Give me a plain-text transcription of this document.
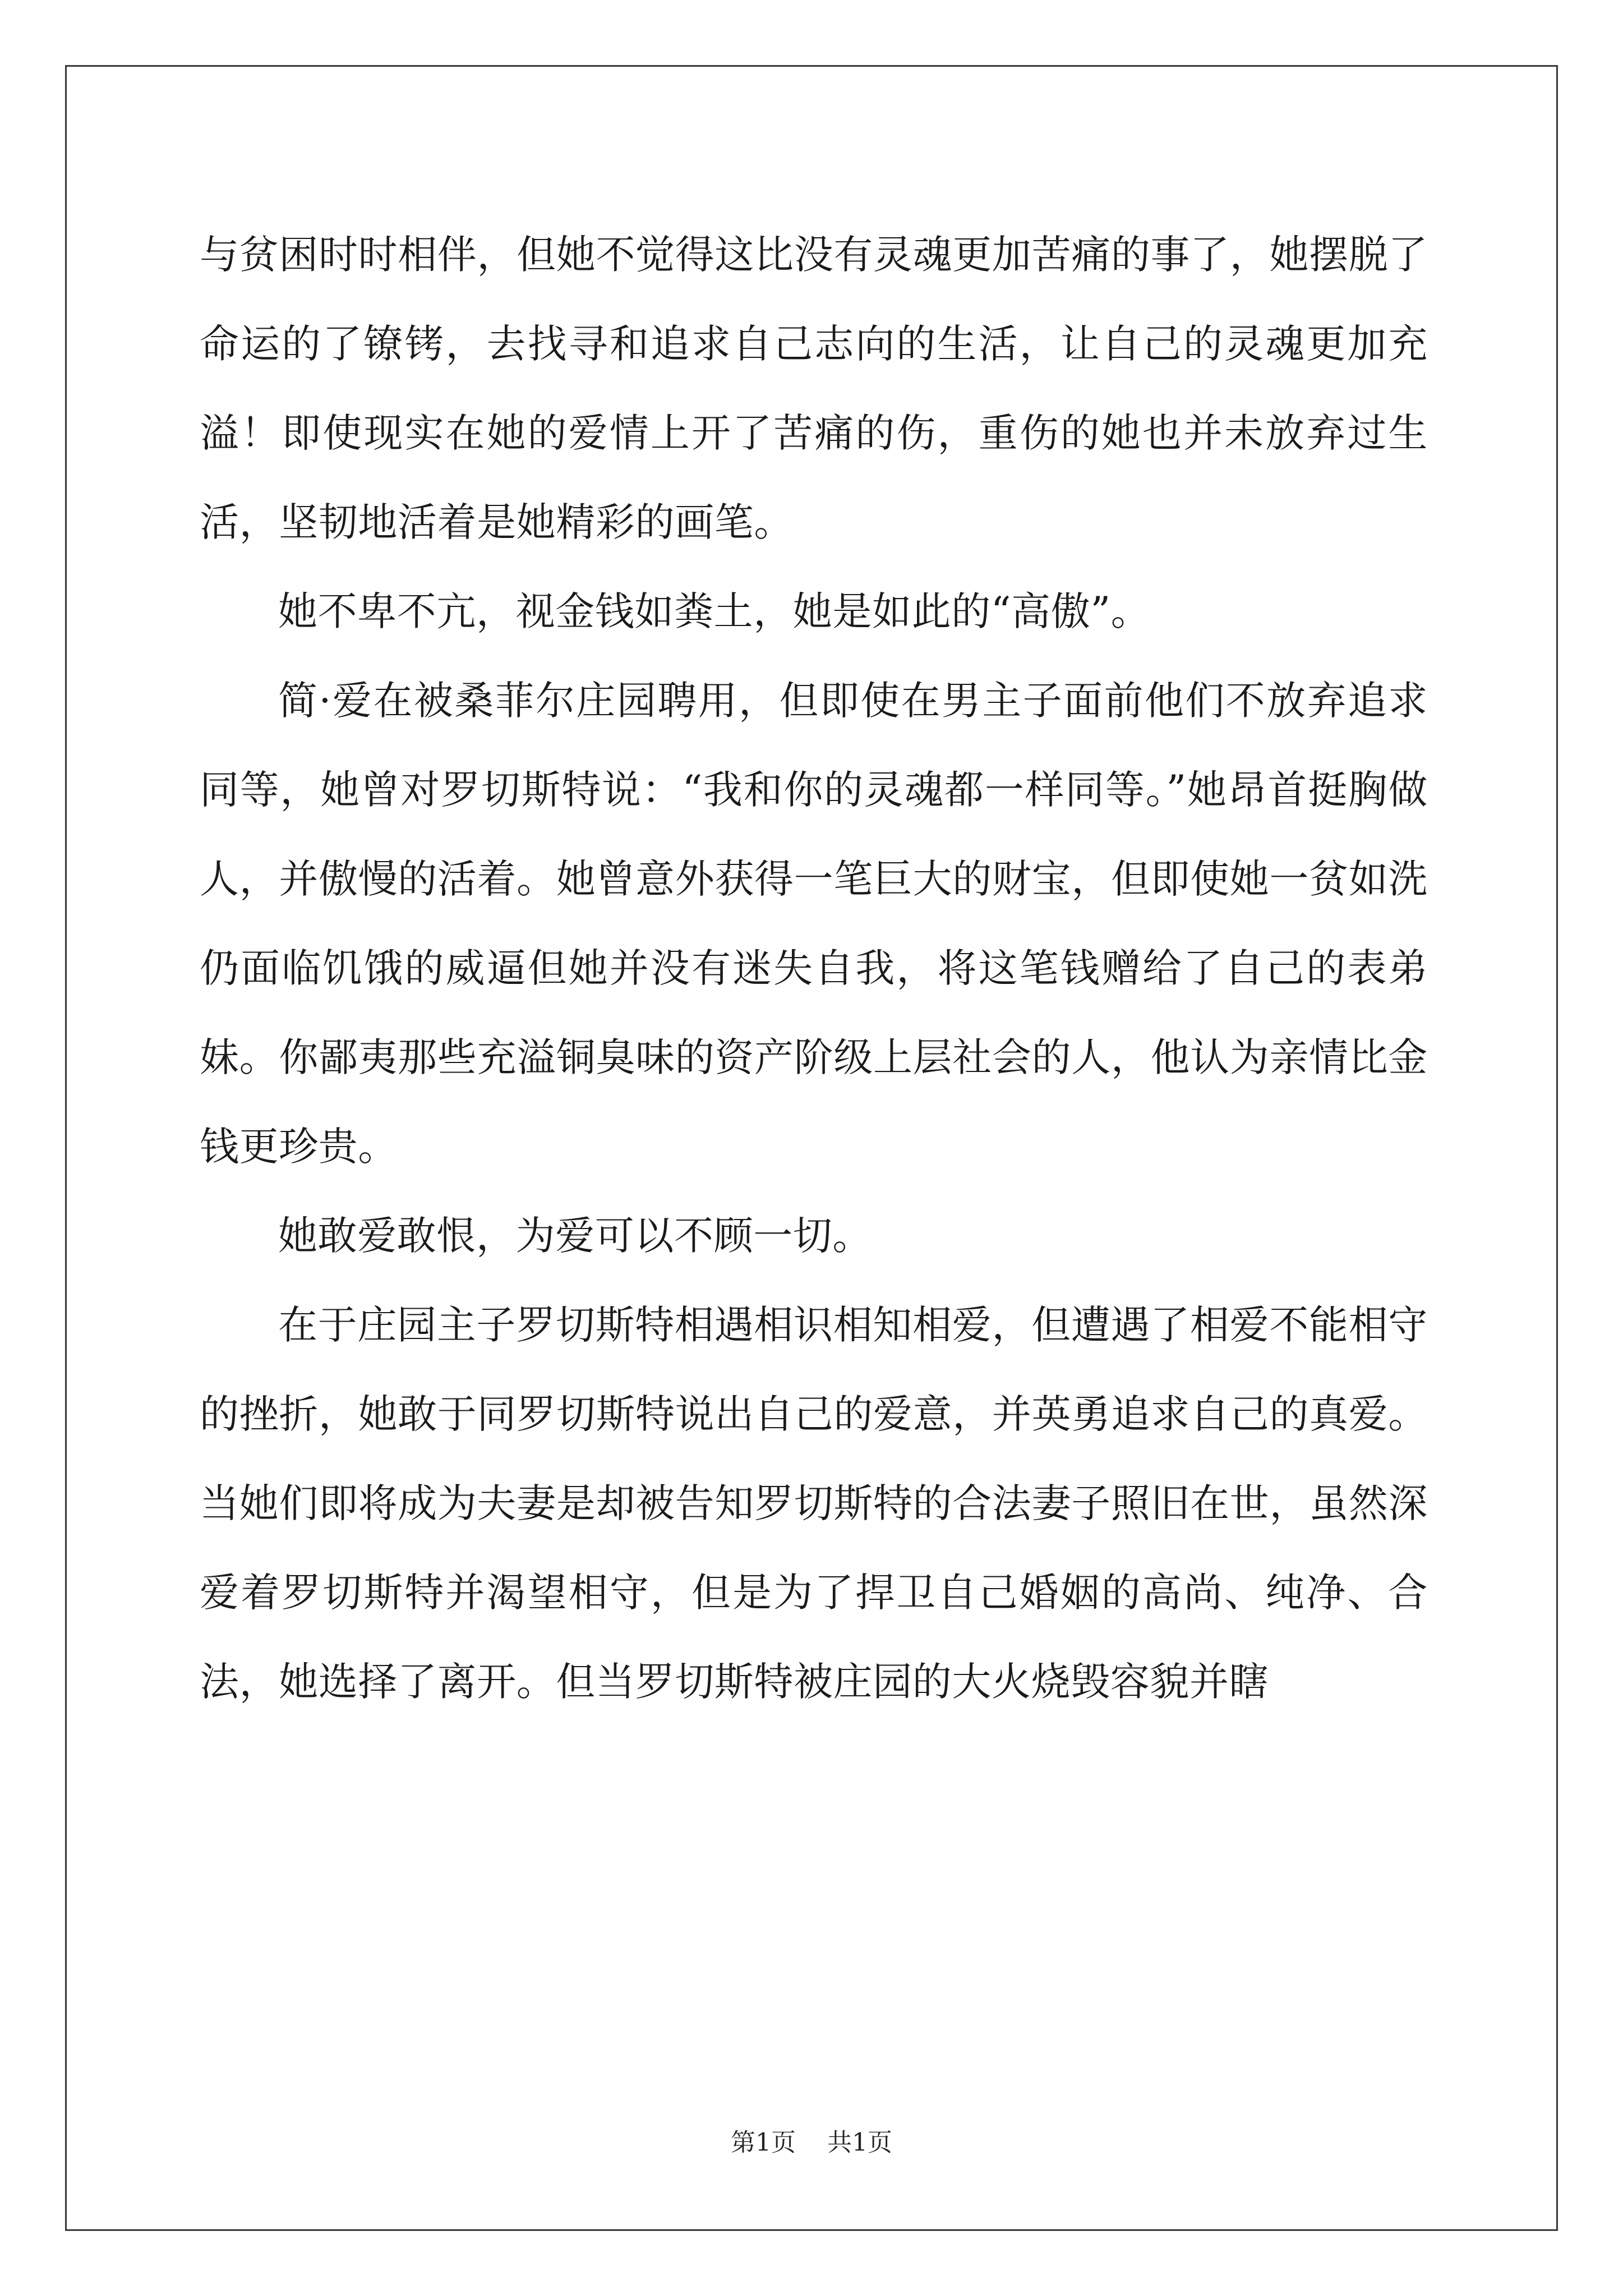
与贫困时时相伴，但她不觉得这比没有灵魂更加苦痛的事了，她摆脱了命运的了镣铐，去找寻和追求自己志向的生活，让自己的灵魂更加充溢！即使现实在她的爱情上开了苦痛的伤，重伤的她也并未放弃过生活，坚韧地活着是她精彩的画笔。

她不卑不亢，视金钱如粪土，她是如此的“高傲”。

简·爱在被桑菲尔庄园聘用，但即使在男主子面前他们不放弃追求同等，她曾对罗切斯特说：“我和你的灵魂都一样同等。”她昂首挺胸做人，并傲慢的活着。她曾意外获得一笔巨大的财宝，但即使她一贫如洗仍面临饥饿的威逼但她并没有迷失自我，将这笔钱赠给了自己的表弟妹。你鄙夷那些充溢铜臭味的资产阶级上层社会的人，他认为亲情比金钱更珍贵。

她敢爱敢恨，为爱可以不顾一切。

在于庄园主子罗切斯特相遇相识相知相爱，但遭遇了相爱不能相守的挫折，她敢于同罗切斯特说出自己的爱意，并英勇追求自己的真爱。当她们即将成为夫妻是却被告知罗切斯特的合法妻子照旧在世，虽然深爱着罗切斯特并渴望相守，但是为了捍卫自己婚姻的高尚、纯净、合法，她选择了离开。但当罗切斯特被庄园的大火烧毁容貌并瞎

第1页 共1页
